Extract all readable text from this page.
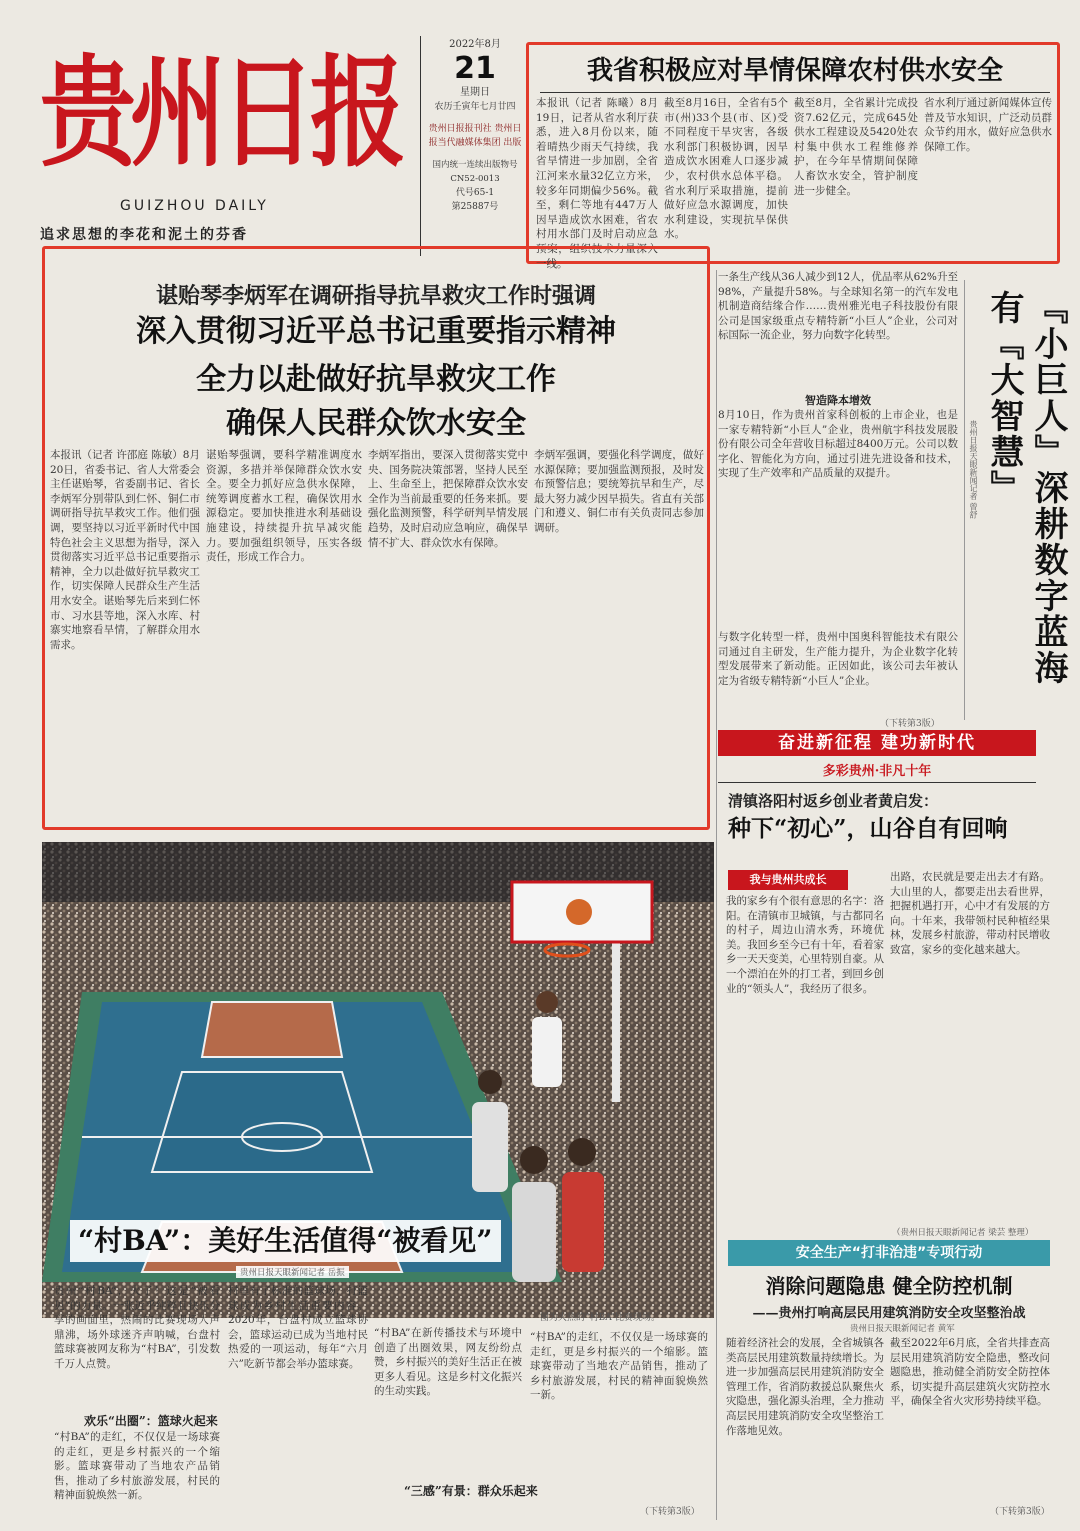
贵州日报
GUIZHOU DAILY
追求思想的李花和泥土的芬香
2022年8月
21
星期日
农历壬寅年七月廿四
贵州日报报刊社 贵州日报当代融媒体集团 出版
国内统一连续出版物号 CN52-0013
代号65-1
第25887号
我省积极应对旱情保障农村供水安全
本报讯（记者 陈曦）8月19日，记者从省水利厅获悉，进入8月份以来，随着晴热少雨天气持续，我省旱情进一步加剧，全省江河来水量32亿立方米，较多年同期偏少56%。截至，剩仁等地有447万人因旱造成饮水困难，省农村用水部门及时启动应急预案，组织技术力量深入一线。
截至8月16日，全省有5个市(州)33个县(市、区)受不同程度干旱灾害，各级水利部门积极协调，因旱造成饮水困难人口逐步减少，农村供水总体平稳。省水利厅采取措施，提前做好应急水源调度，加快水利建设，实现抗旱保供水。
截至8月，全省累计完成投资7.62亿元，完成645处供水工程建设及5420处农村集中供水工程维修养护，在今年旱情期间保障人畜饮水安全，管护制度进一步健全。
省水利厅通过新闻媒体宣传普及节水知识，广泛动员群众节约用水，做好应急供水保障工作。
谌贻琴李炳军在调研指导抗旱救灾工作时强调
深入贯彻习近平总书记重要指示精神
全力以赴做好抗旱救灾工作
确保人民群众饮水安全
本报讯（记者 许邵庭 陈敏）8月20日，省委书记、省人大常委会主任谌贻琴，省委副书记、省长李炳军分别带队到仁怀、铜仁市调研指导抗旱救灾工作。他们强调，要坚持以习近平新时代中国特色社会主义思想为指导，深入贯彻落实习近平总书记重要指示精神，全力以赴做好抗旱救灾工作，切实保障人民群众生产生活用水安全。谌贻琴先后来到仁怀市、习水县等地，深入水库、村寨实地察看旱情，了解群众用水需求。
谌贻琴强调，要科学精准调度水资源，多措并举保障群众饮水安全。要全力抓好应急供水保障，统筹调度蓄水工程，确保饮用水源稳定。要加快推进水利基础设施建设，持续提升抗旱减灾能力。要加强组织领导，压实各级责任，形成工作合力。
李炳军指出，要深入贯彻落实党中央、国务院决策部署，坚持人民至上、生命至上，把保障群众饮水安全作为当前最重要的任务来抓。要强化监测预警，科学研判旱情发展趋势，及时启动应急响应，确保旱情不扩大、群众饮水有保障。
李炳军强调，要强化科学调度，做好水源保障；要加强监测预报，及时发布预警信息；要统筹抗旱和生产，尽最大努力减少因旱损失。省直有关部门和遵义、铜仁市有关负责同志参加调研。
一条生产线从36人减少到12人，优品率从62%升至98%，产量提升58%。与全球知名第一的汽车发电机制造商结缘合作……贵州雅光电子科技股份有限公司是国家级重点专精特新“小巨人”企业，公司对标国际一流企业，努力向数字化转型。
智造降本增效
8月10日，作为贵州首家科创板的上市企业，也是一家专精特新“小巨人”企业，贵州航宇科技发展股份有限公司全年营收目标超过8400万元。公司以数字化、智能化为方向，通过引进先进设备和技术，实现了生产效率和产品质量的双提升。
与数字化转型一样，贵州中国奥科智能技术有限公司通过自主研发，生产能力提升，为企业数字化转型发展带来了新动能。正因如此，该公司去年被认定为省级专精特新“小巨人”企业。
（下转第3版）
『小巨人』深耕数字蓝海有『大智慧』
贵州日报天眼新闻记者 曾舒
奋进新征程 建功新时代
多彩贵州·非凡十年
清镇洛阳村返乡创业者黄启发：
种下“初心”，山谷自有回响
我与贵州共成长
我的家乡有个很有意思的名字：洛阳。在清镇市卫城镇，与古都同名的村子，周边山清水秀，环境优美。我回乡至今已有十年，看着家乡一天天变美，心里特别自豪。从一个漂泊在外的打工者，到回乡创业的“领头人”，我经历了很多。
出路，农民就是要走出去才有路。大山里的人，都要走出去看世界，把握机遇打开，心中才有发展的方向。十年来，我带领村民种植经果林，发展乡村旅游，带动村民增收致富，家乡的变化越来越大。
（贵州日报天眼新闻记者 梁芸 整理）
安全生产“打非治违”专项行动
消除问题隐患 健全防控机制
——贵州打响高层民用建筑消防安全攻坚整治战
贵州日报天眼新闻记者 黄军
随着经济社会的发展，全省城镇各类高层民用建筑数量持续增长。为进一步加强高层民用建筑消防安全管理工作，省消防救援总队聚焦火灾隐患，强化源头治理，全力推动高层民用建筑消防安全攻坚整治工作落地见效。
截至2022年6月底，全省共排查高层民用建筑消防安全隐患，整改问题隐患，推动健全消防安全防控体系，切实提升高层建筑火灾防控水平，确保全省火灾形势持续平稳。
（下转第3版）
图为火热的“村BA”比赛现场。
“村BA”：美好生活值得“被看见”
贵州日报天眼新闻记者 岳振
贵州“村BA”，火了！这是“被看见”的力量。一张近乎纯粹且快乐分享的画面里，热闹的比赛现场人声鼎沸，场外球迷齐声呐喊，台盘村篮球赛被网友称为“村BA”，引发数千万人点赞。
欢乐“出圈”：篮球火起来
“村BA”的走红，不仅仅是一场球赛的走红，更是乡村振兴的一个缩影。篮球赛带动了当地农产品销售，推动了乡村旅游发展，村民的精神面貌焕然一新。
村里有了标准的篮球场，打篮球成为乡村生活重要内容。2020年，台盘村成立篮球协会，篮球运动已成为当地村民热爱的一项运动，每年“六月六”吃新节都会举办篮球赛。
“村BA”在新传播技术与环境中创造了出圈效果，网友纷纷点赞，乡村振兴的美好生活正在被更多人看见。这是乡村文化振兴的生动实践。
“三感”有景：群众乐起来
“村BA”的走红，不仅仅是一场球赛的走红，更是乡村振兴的一个缩影。篮球赛带动了当地农产品销售，推动了乡村旅游发展，村民的精神面貌焕然一新。
（下转第3版）
